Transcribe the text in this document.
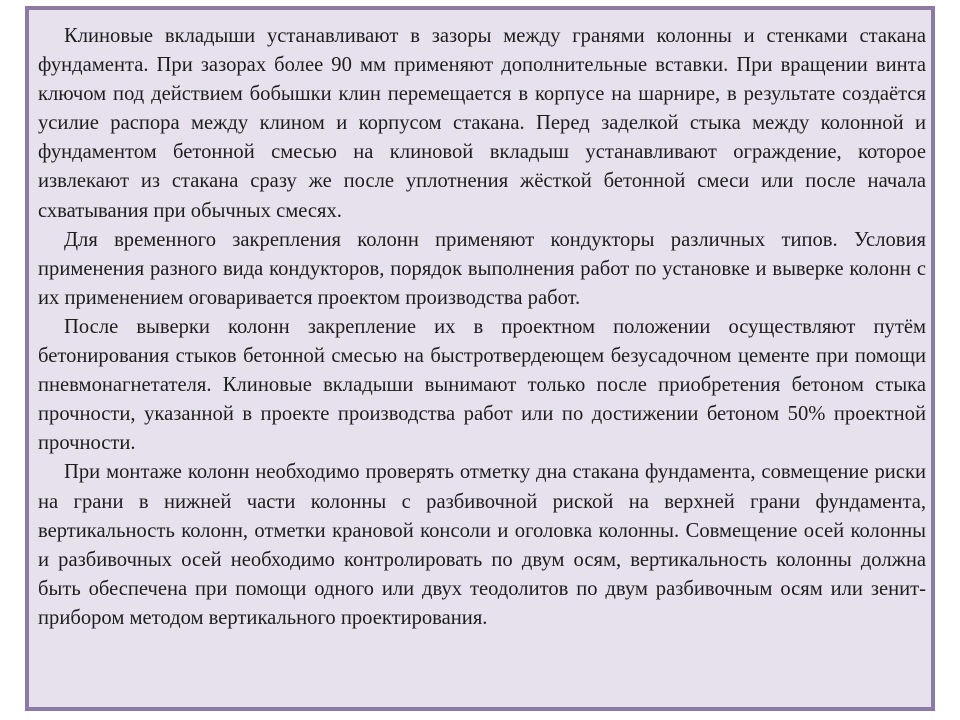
Клиновые вкладыши устанавливают в зазоры между гранями колонны и стенками стакана фундамента. При зазорах более 90 мм применяют дополнительные вставки. При вращении винта ключом под действием бобышки клин перемещается в корпусе на шарнире, в результате создаётся усилие распора между клином и корпусом стакана. Перед заделкой стыка между колонной и фундаментом бетонной смесью на клиновой вкладыш устанавливают ограждение, которое извлекают из стакана сразу же после уплотнения жёсткой бетонной смеси или после начала схватывания при обычных смесях.

Для временного закрепления колонн применяют кондукторы различных типов. Условия применения разного вида кондукторов, порядок выполнения работ по установке и выверке колонн с их применением оговаривается проектом производства работ.

После выверки колонн закрепление их в проектном положении осуществляют путём бетонирования стыков бетонной смесью на быстротвердеющем безусадочном цементе при помощи пневмонагнетателя. Клиновые вкладыши вынимают только после приобретения бетоном стыка прочности, указанной в проекте производства работ или по достижении бетоном 50% проектной прочности.

При монтаже колонн необходимо проверять отметку дна стакана фундамента, совмещение риски на грани в нижней части колонны с разбивочной риской на верхней грани фундамента, вертикальность колонн, отметки крановой консоли и оголовка колонны. Совмещение осей колонны и разбивочных осей необходимо контролировать по двум осям, вертикальность колонны должна быть обеспечена при помощи одного или двух теодолитов по двум разбивочным осям или зенит-прибором методом вертикального проектирования.
